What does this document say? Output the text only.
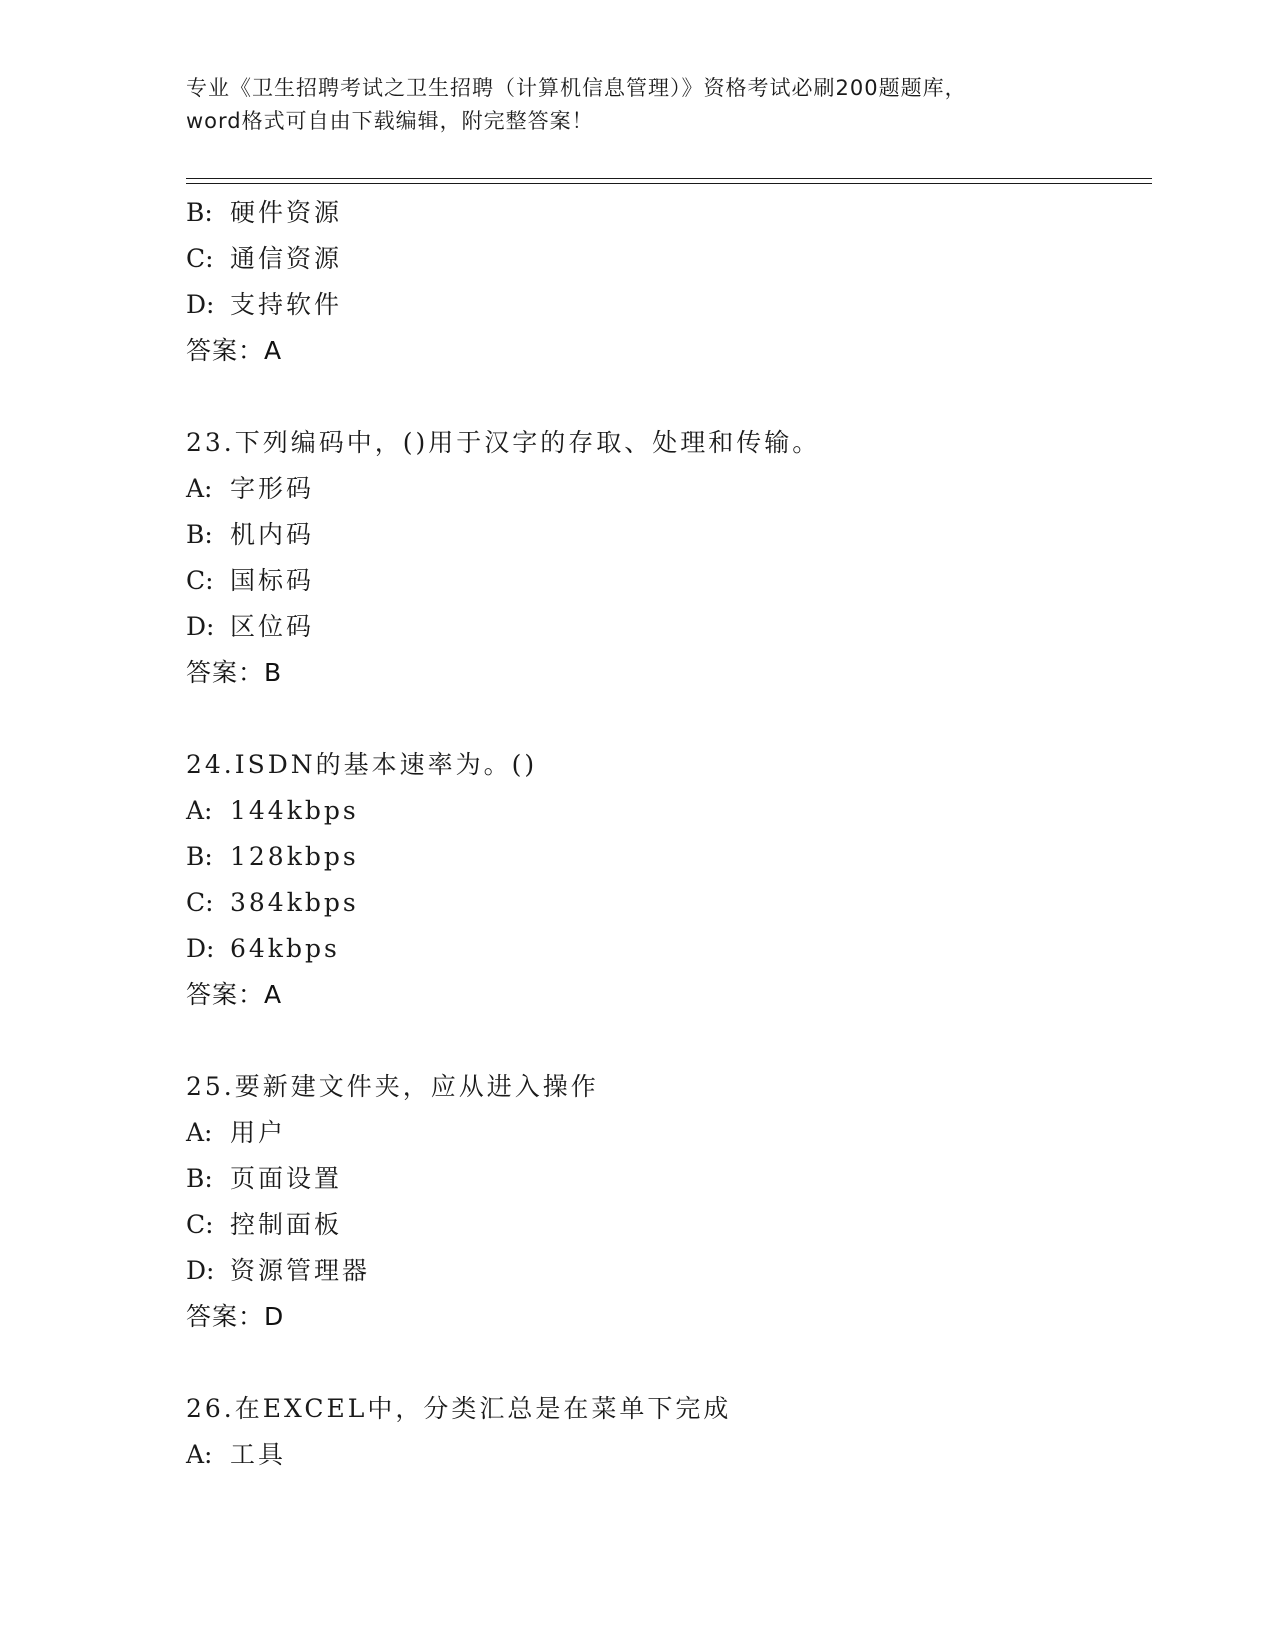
专业《卫生招聘考试之卫生招聘（计算机信息管理）》资格考试必刷200题题库，
word格式可自由下载编辑，附完整答案！
B: 硬件资源
C: 通信资源
D: 支持软件
答案：A
23.下列编码中，()用于汉字的存取、处理和传输。
A: 字形码
B: 机内码
C: 国标码
D: 区位码
答案：B
24.ISDN的基本速率为。()
A: 144kbps
B: 128kbps
C: 384kbps
D: 64kbps
答案：A
25.要新建文件夹，应从进入操作
A: 用户
B: 页面设置
C: 控制面板
D: 资源管理器
答案：D
26.在EXCEL中，分类汇总是在菜单下完成
A: 工具
